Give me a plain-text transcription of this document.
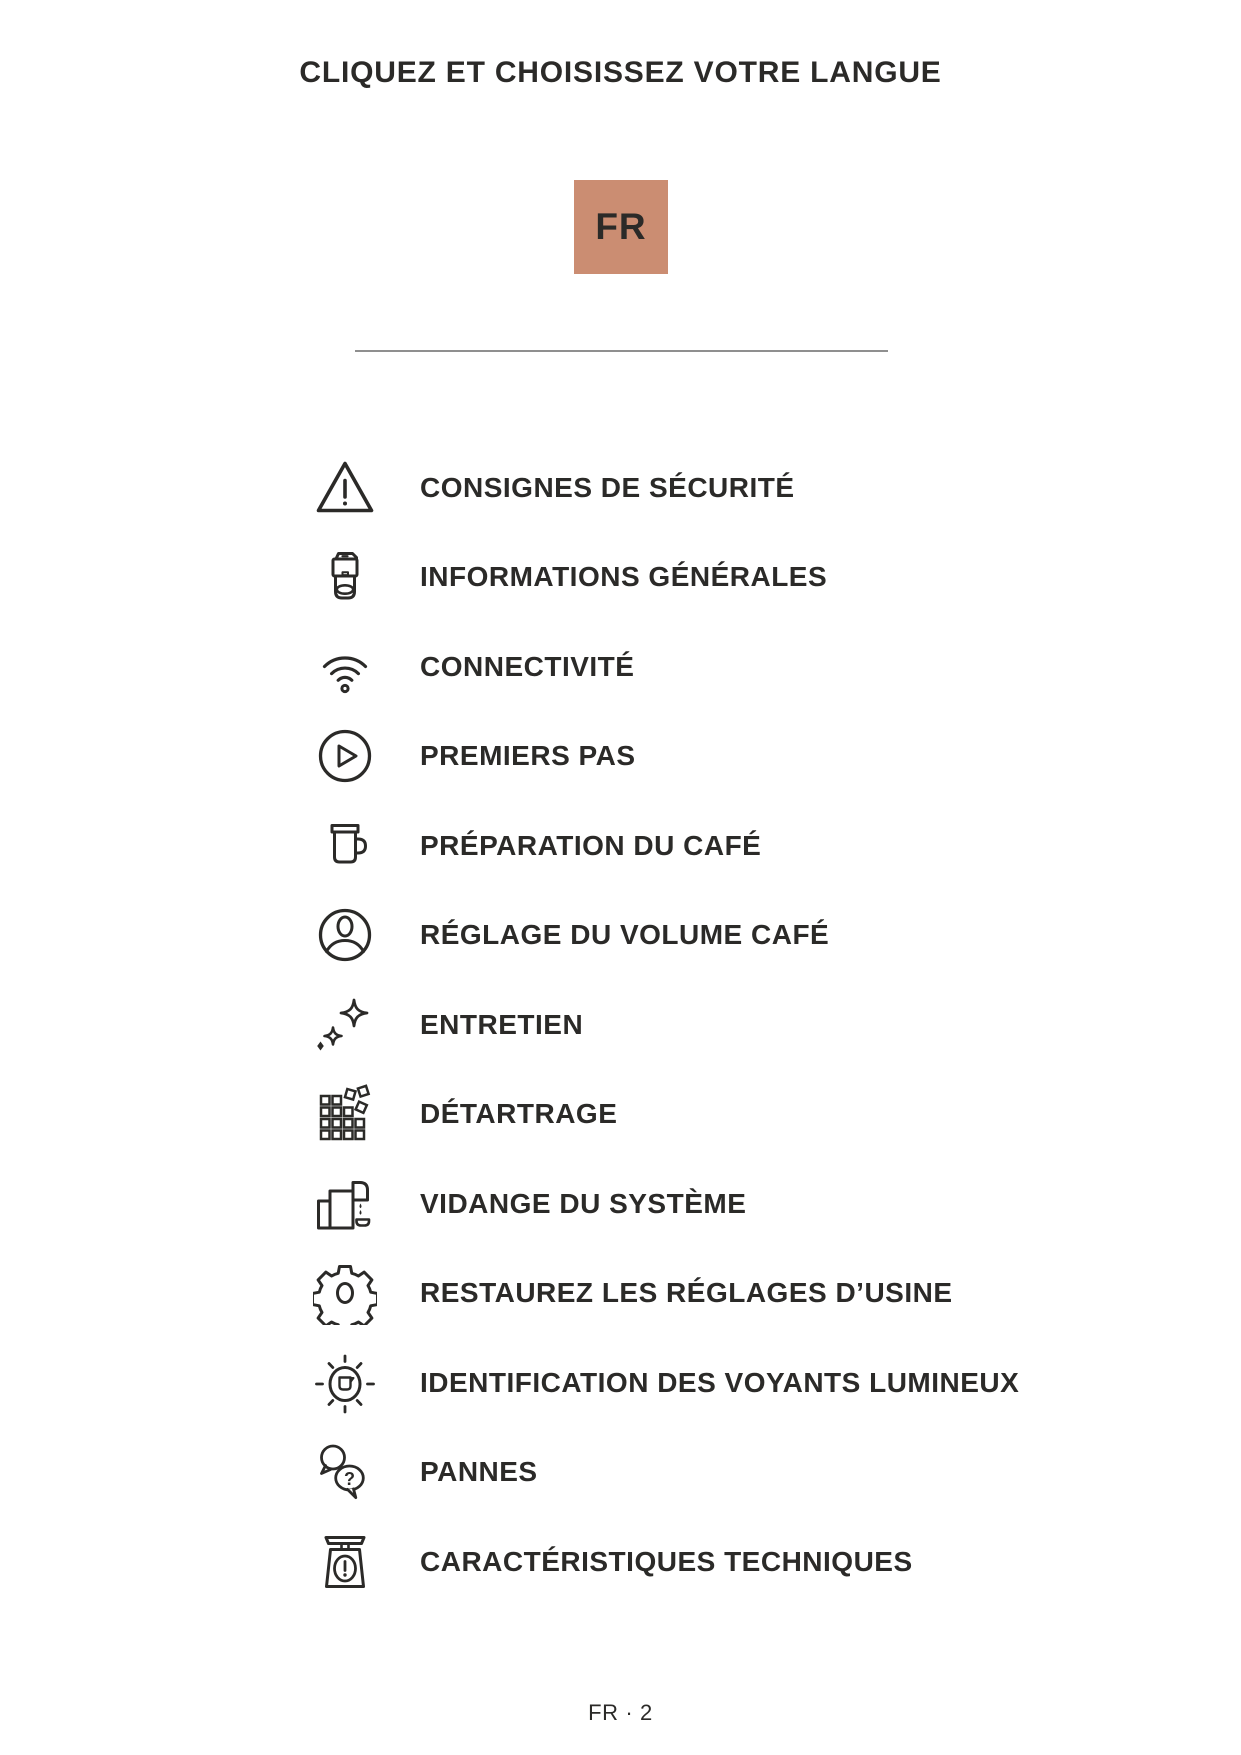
CLIQUEZ ET CHOISISSEZ VOTRE LANGUE
FR
CONSIGNES DE SÉCURITÉ
INFORMATIONS GÉNÉRALES
CONNECTIVITÉ
PREMIERS PAS
PRÉPARATION DU CAFÉ
RÉGLAGE DU VOLUME CAFÉ
ENTRETIEN
DÉTARTRAGE
VIDANGE DU SYSTÈME
RESTAUREZ LES RÉGLAGES D’USINE
IDENTIFICATION DES VOYANTS LUMINEUX
? PANNES
CARACTÉRISTIQUES TECHNIQUES
FR · 2
